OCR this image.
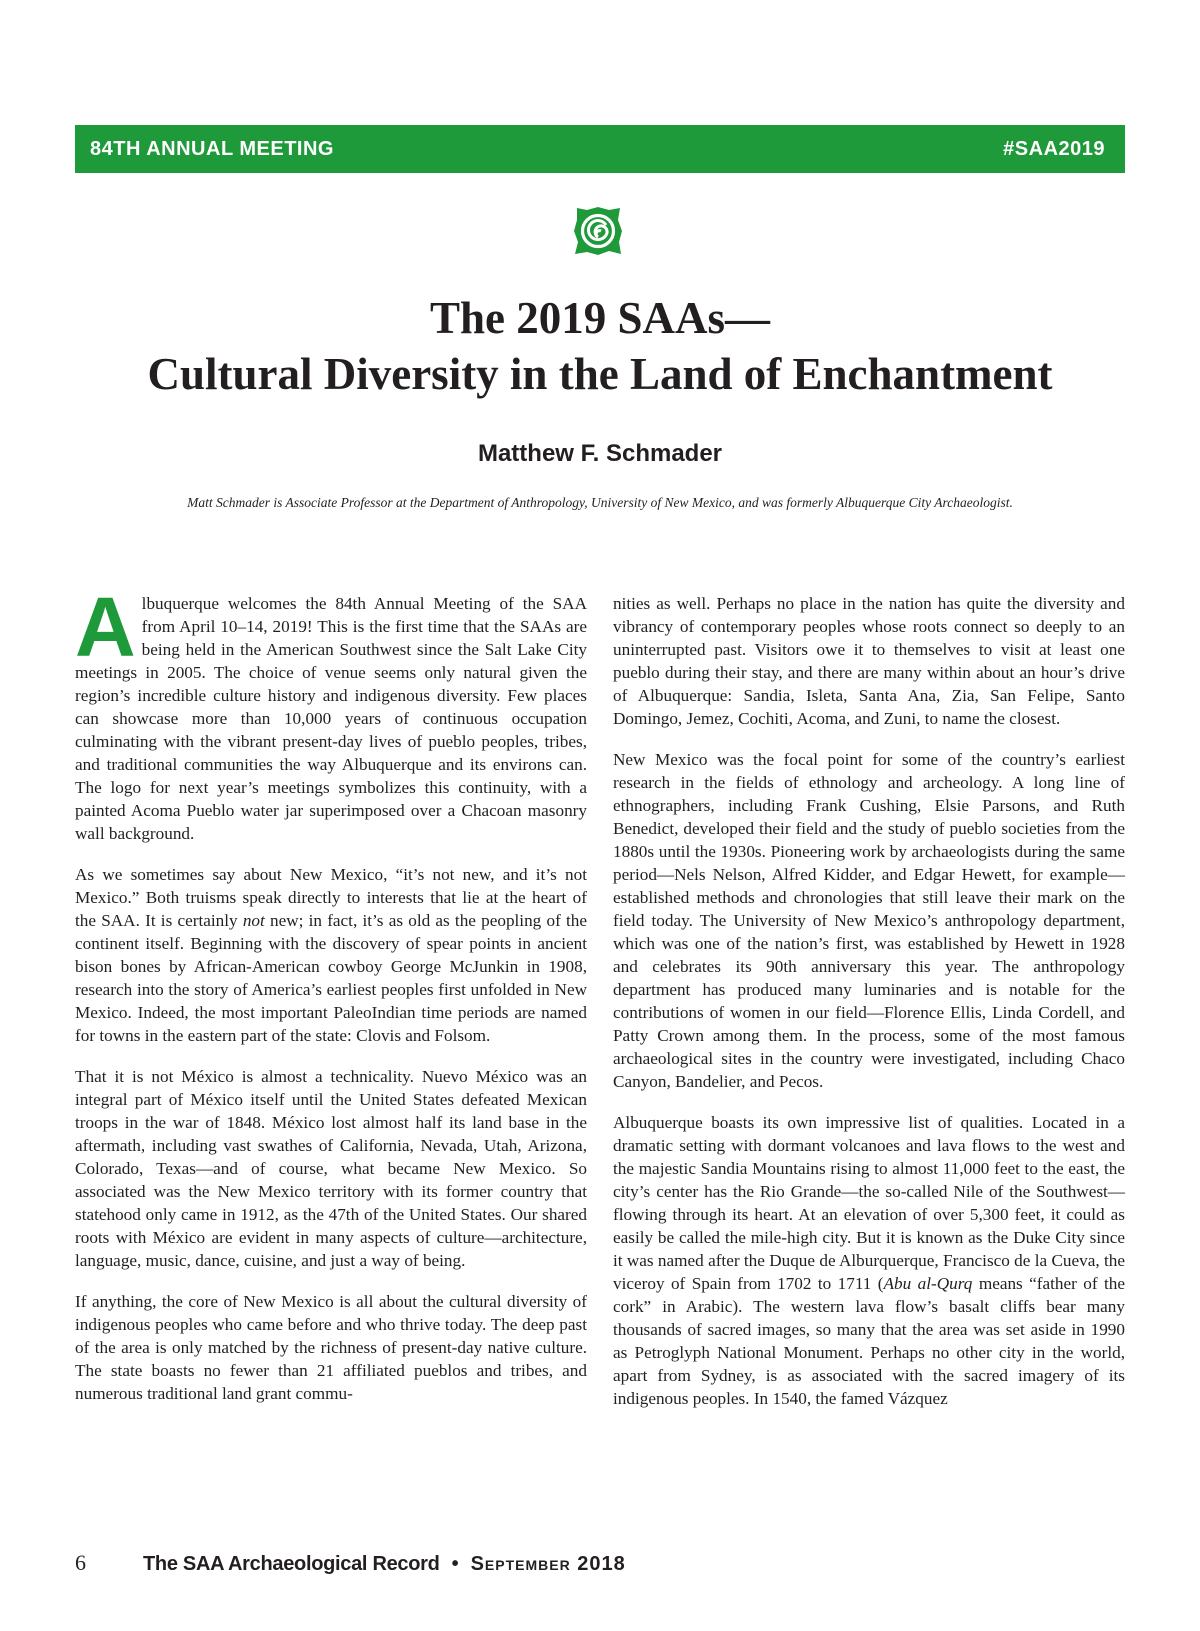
84TH ANNUAL MEETING	#SAA2019
The 2019 SAAs—
Cultural Diversity in the Land of Enchantment

Matthew F. Schmader

Matt Schmader is Associate Professor at the Department of Anthropology, University of New Mexico, and was formerly Albuquerque City Archaeologist.

Albuquerque welcomes the 84th Annual Meeting of the SAA from April 10–14, 2019! This is the first time that the SAAs are being held in the American Southwest since the Salt Lake City meetings in 2005. The choice of venue seems only natural given the region’s incredible culture history and indigenous diversity. Few places can showcase more than 10,000 years of continuous occupation culminating with the vibrant present-day lives of pueblo peoples, tribes, and traditional communities the way Albuquerque and its environs can. The logo for next year’s meetings symbolizes this continuity, with a painted Acoma Pueblo water jar superimposed over a Chacoan masonry wall background.

As we sometimes say about New Mexico, “it’s not new, and it’s not Mexico.” Both truisms speak directly to interests that lie at the heart of the SAA. It is certainly not new; in fact, it’s as old as the peopling of the continent itself. Beginning with the discovery of spear points in ancient bison bones by African-American cowboy George McJunkin in 1908, research into the story of America’s earliest peoples first unfolded in New Mexico. Indeed, the most important PaleoIndian time periods are named for towns in the eastern part of the state: Clovis and Folsom.

That it is not México is almost a technicality. Nuevo México was an integral part of México itself until the United States defeated Mexican troops in the war of 1848. México lost almost half its land base in the aftermath, including vast swathes of California, Nevada, Utah, Arizona, Colorado, Texas—and of course, what became New Mexico. So associated was the New Mexico territory with its former country that statehood only came in 1912, as the 47th of the United States. Our shared roots with México are evident in many aspects of culture—architecture, language, music, dance, cuisine, and just a way of being.

If anything, the core of New Mexico is all about the cultural diversity of indigenous peoples who came before and who thrive today. The deep past of the area is only matched by the richness of present-day native culture. The state boasts no fewer than 21 affiliated pueblos and tribes, and numerous traditional land grant commu-

nities as well. Perhaps no place in the nation has quite the diversity and vibrancy of contemporary peoples whose roots connect so deeply to an uninterrupted past. Visitors owe it to themselves to visit at least one pueblo during their stay, and there are many within about an hour’s drive of Albuquerque: Sandia, Isleta, Santa Ana, Zia, San Felipe, Santo Domingo, Jemez, Cochiti, Acoma, and Zuni, to name the closest.

New Mexico was the focal point for some of the country’s earliest research in the fields of ethnology and archeology. A long line of ethnographers, including Frank Cushing, Elsie Parsons, and Ruth Benedict, developed their field and the study of pueblo societies from the 1880s until the 1930s. Pioneering work by archaeologists during the same period—Nels Nelson, Alfred Kidder, and Edgar Hewett, for example—established methods and chronologies that still leave their mark on the field today. The University of New Mexico’s anthropology department, which was one of the nation’s first, was established by Hewett in 1928 and celebrates its 90th anniversary this year. The anthropology department has produced many luminaries and is notable for the contributions of women in our field—Florence Ellis, Linda Cordell, and Patty Crown among them. In the process, some of the most famous archaeological sites in the country were investigated, including Chaco Canyon, Bandelier, and Pecos.

Albuquerque boasts its own impressive list of qualities. Located in a dramatic setting with dormant volcanoes and lava flows to the west and the majestic Sandia Mountains rising to almost 11,000 feet to the east, the city’s center has the Rio Grande—the so-called Nile of the Southwest—flowing through its heart. At an elevation of over 5,300 feet, it could as easily be called the mile-high city. But it is known as the Duke City since it was named after the Duque de Alburquerque, Francisco de la Cueva, the viceroy of Spain from 1702 to 1711 (Abu al-Qurq means “father of the cork” in Arabic). The western lava flow’s basalt cliffs bear many thousands of sacred images, so many that the area was set aside in 1990 as Petroglyph National Monument. Perhaps no other city in the world, apart from Sydney, is as associated with the sacred imagery of its indigenous peoples. In 1540, the famed Vázquez

6	The SAA Archaeological Record • September 2018
